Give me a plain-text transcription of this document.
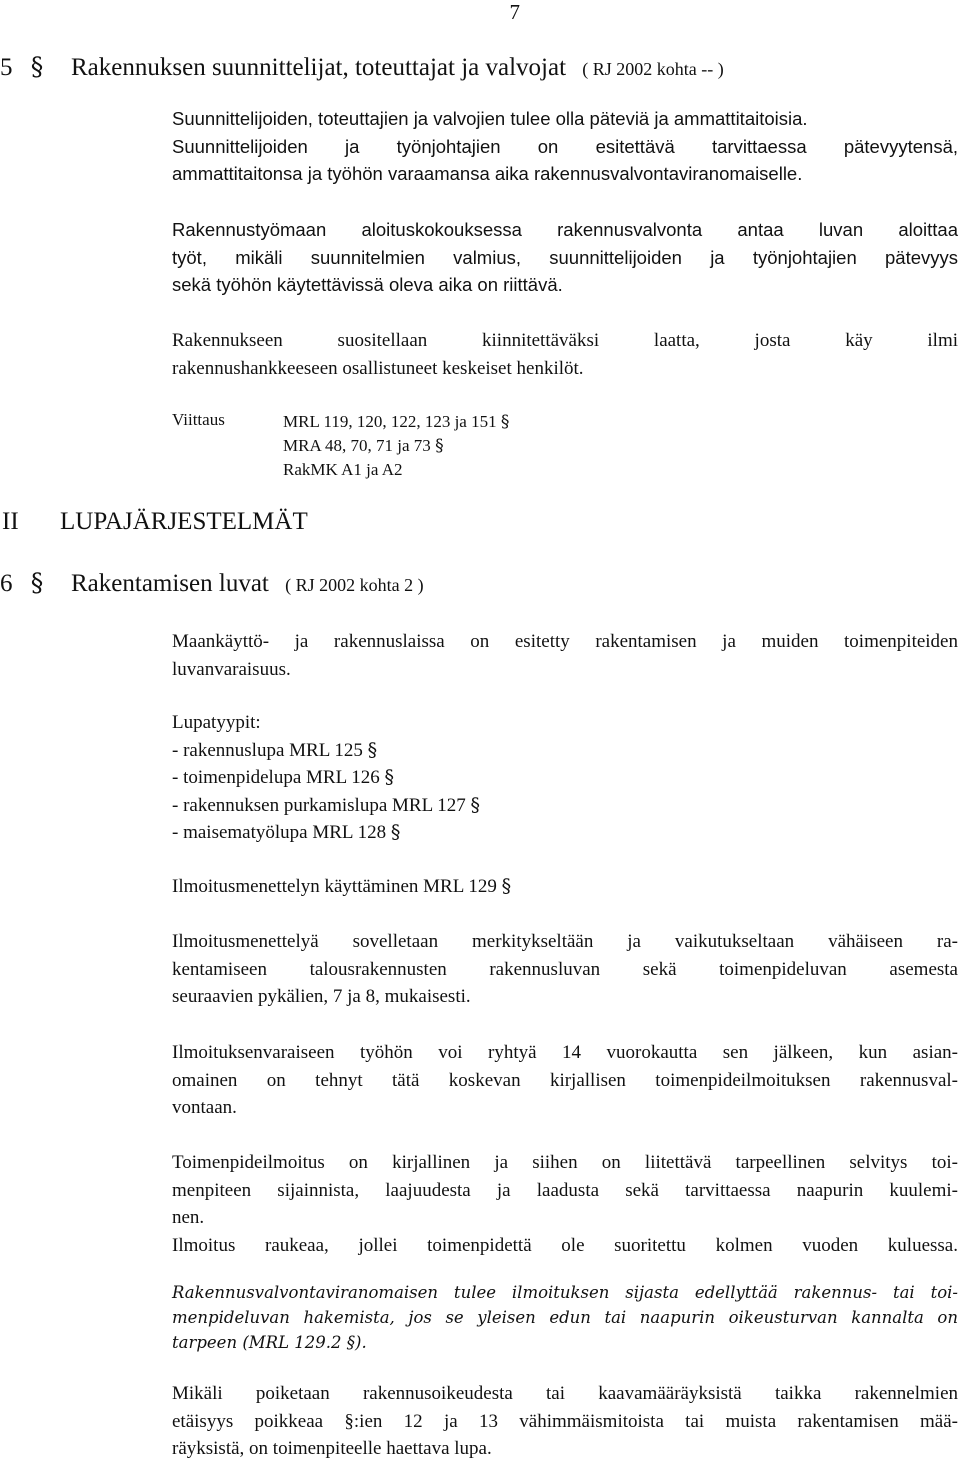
7
5 § Rakennuksen suunnittelijat, toteuttajat ja valvojat ( RJ 2002 kohta -- )
Suunnittelijoiden, toteuttajien ja valvojien tulee olla päteviä ja ammattitaitoisia.
Suunnittelijoiden ja työnjohtajien on esitettävä tarvittaessa pätevyytensä,
ammattitaitonsa ja työhön varaamansa aika rakennusvalvontaviranomaiselle.
Rakennustyömaan aloituskokouksessa rakennusvalvonta antaa luvan aloittaa
työt, mikäli suunnitelmien valmius, suunnittelijoiden ja työnjohtajien pätevyys
sekä työhön käytettävissä oleva aika on riittävä.
Rakennukseen suositellaan kiinnitettäväksi laatta, josta käy ilmi
rakennushankkeeseen osallistuneet keskeiset henkilöt.
Viittaus	MRL 119, 120, 122, 123 ja 151 §
MRA 48, 70, 71 ja 73 §
RakMK A1 ja A2
II LUPAJÄRJESTELMÄT
6 § Rakentamisen luvat ( RJ 2002 kohta 2 )
Maankäyttö- ja rakennuslaissa on esitetty rakentamisen ja muiden toimenpiteiden
luvanvaraisuus.
Lupatyypit:
- rakennuslupa MRL 125 §
- toimenpidelupa MRL 126 §
- rakennuksen purkamislupa MRL 127 §
- maisematyölupa MRL 128 §
Ilmoitusmenettelyn käyttäminen MRL 129 §
Ilmoitusmenettelyä sovelletaan merkitykseltään ja vaikutukseltaan vähäiseen ra-
kentamiseen talousrakennusten rakennusluvan sekä toimenpideluvan asemesta
seuraavien pykälien, 7 ja 8, mukaisesti.
Ilmoituksenvaraiseen työhön voi ryhtyä 14 vuorokautta sen jälkeen, kun asian-
omainen on tehnyt tätä koskevan kirjallisen toimenpideilmoituksen rakennusval-
vontaan.
Toimenpideilmoitus on kirjallinen ja siihen on liitettävä tarpeellinen selvitys toi-
menpiteen sijainnista, laajuudesta ja laadusta sekä tarvittaessa naapurin kuulemi-
nen.
Ilmoitus raukeaa, jollei toimenpidettä ole suoritettu kolmen vuoden kuluessa.
Rakennusvalvontaviranomaisen tulee ilmoituksen sijasta edellyttää rakennus- tai toi-
menpideluvan hakemista, jos se yleisen edun tai naapurin oikeusturvan kannalta on
tarpeen (MRL 129.2 §).
Mikäli poiketaan rakennusoikeudesta tai kaavamääräyksistä taikka rakennelmien
etäisyys poikkeaa §:ien 12 ja 13 vähimmäismitoista tai muista rakentamisen mää-
räyksistä, on toimenpiteelle haettava lupa.
